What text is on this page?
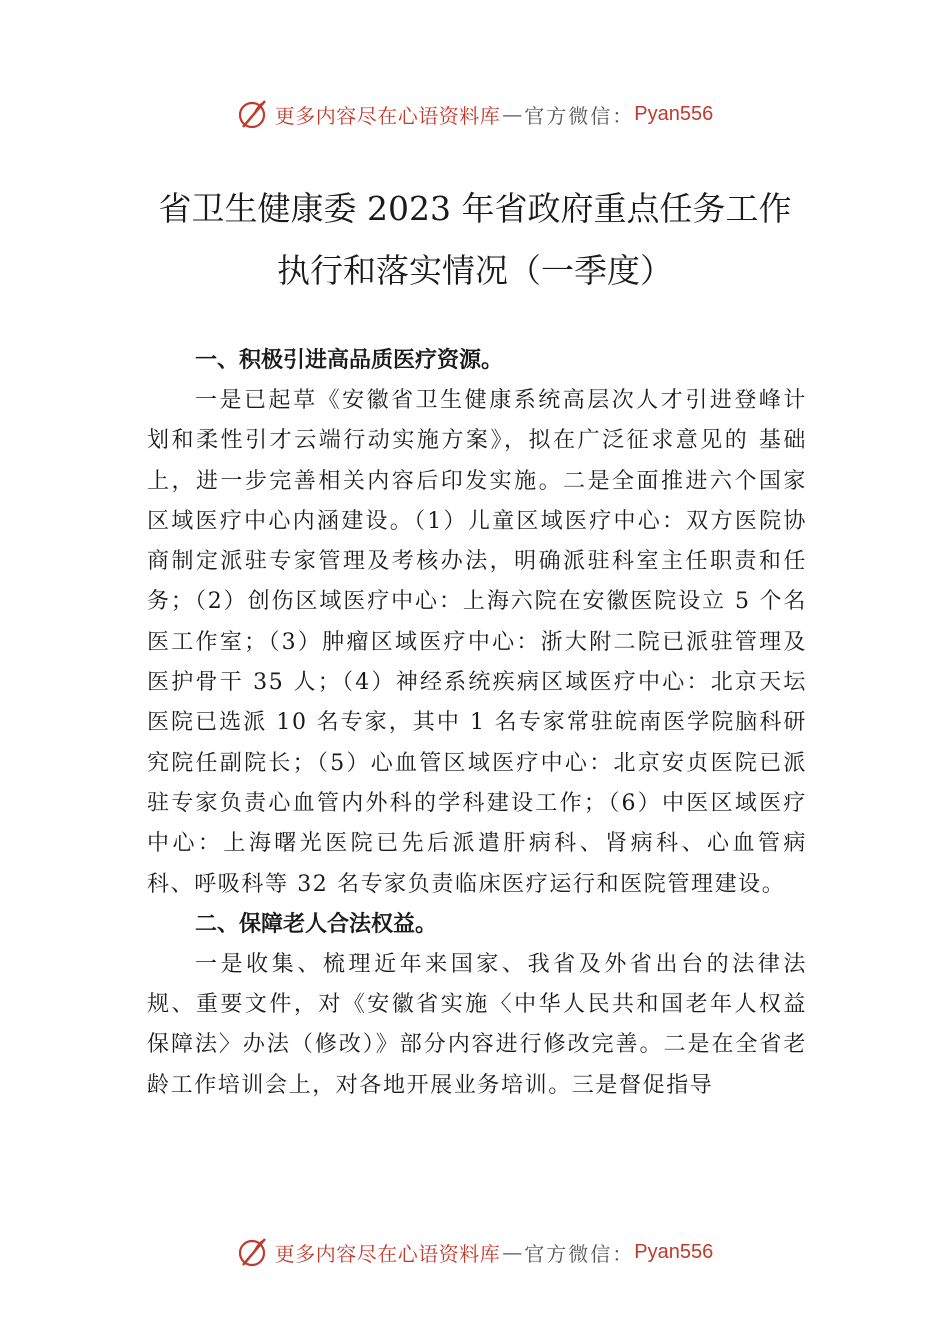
更多内容尽在心语资料库 — 官方微信： Pyan556
省卫生健康委 2023 年省政府重点任务工作
执行和落实情况（一季度）
一、积极引进高品质医疗资源。

一是已起草《安徽省卫生健康系统高层次人才引进登峰计划和柔性引才云端行动实施方案》，拟在广泛征求意见的 基础上，进一步完善相关内容后印发实施。二是全面推进六个国家区域医疗中心内涵建设。（1）儿童区域医疗中心：双方医院协商制定派驻专家管理及考核办法，明确派驻科室主任职责和任务；（2）创伤区域医疗中心：上海六院在安徽医院设立 5 个名医工作室；（3）肿瘤区域医疗中心：浙大附二院已派驻管理及医护骨干 35 人；（4）神经系统疾病区域医疗中心：北京天坛医院已选派 10 名专家，其中 1 名专家常驻皖南医学院脑科研究院任副院长；（5）心血管区域医疗中心：北京安贞医院已派驻专家负责心血管内外科的学科建设工作；（6）中医区域医疗中心：上海曙光医院已先后派遣肝病科、肾病科、心血管病科、呼吸科等 32 名专家负责临床医疗运行和医院管理建设。

二、保障老人合法权益。

一是收集、梳理近年来国家、我省及外省出台的法律法规、重要文件，对《安徽省实施〈中华人民共和国老年人权益保障法〉办法（修改）》部分内容进行修改完善。二是在全省老龄工作培训会上，对各地开展业务培训。三是督促指导

更多内容尽在心语资料库 — 官方微信： Pyan556
